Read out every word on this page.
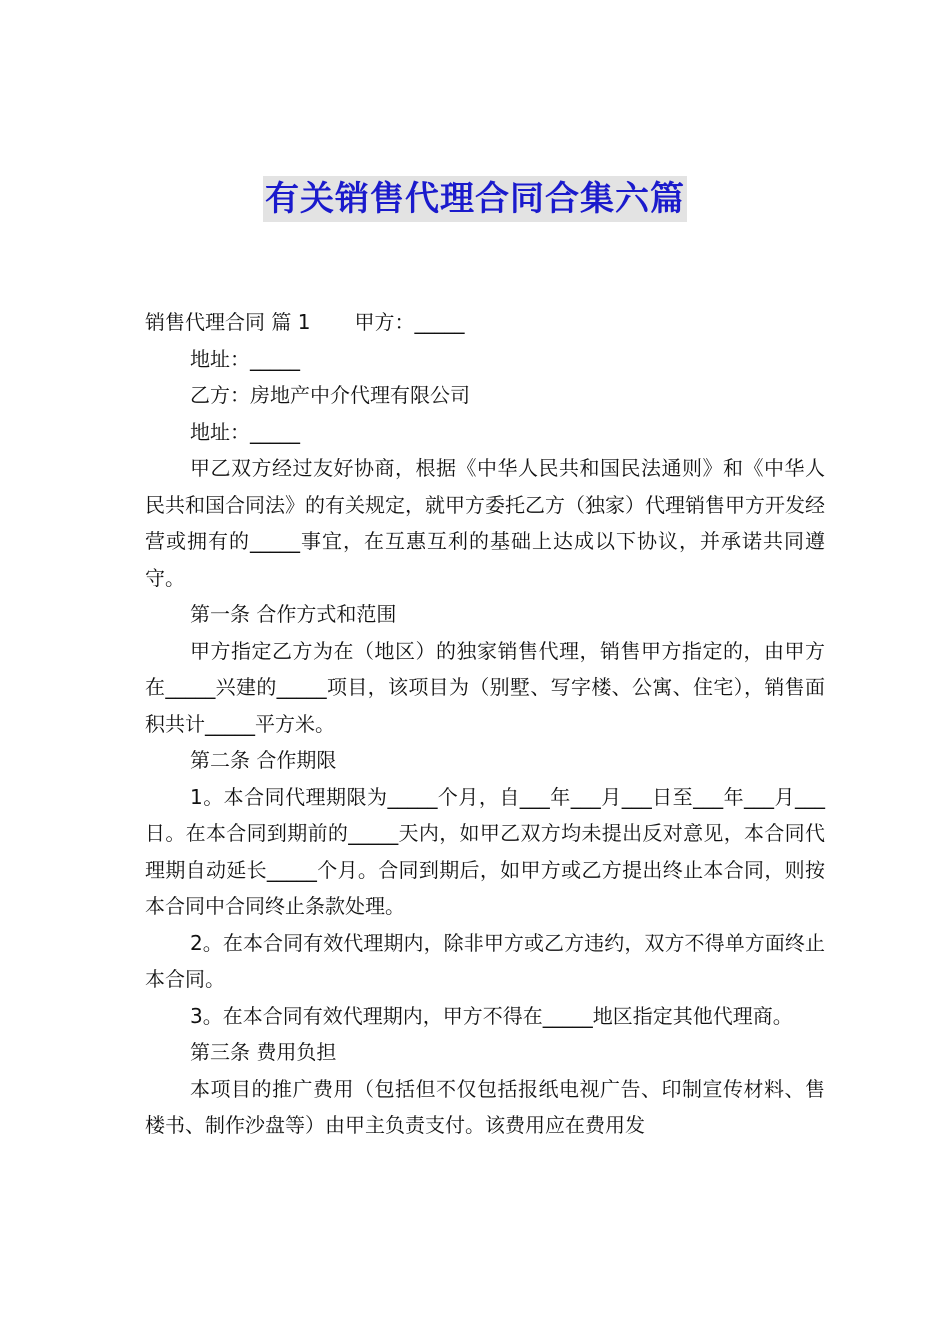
有关销售代理合同合集六篇

销售代理合同 篇 1 甲方：_____

地址：_____

乙方：房地产中介代理有限公司

地址：_____

甲乙双方经过友好协商，根据《中华人民共和国民法通则》和《中华人民共和国合同法》的有关规定，就甲方委托乙方（独家）代理销售甲方开发经营或拥有的_____事宜，在互惠互利的基础上达成以下协议，并承诺共同遵守。

第一条 合作方式和范围

甲方指定乙方为在（地区）的独家销售代理，销售甲方指定的，由甲方在_____兴建的_____项目，该项目为（别墅、写字楼、公寓、住宅），销售面积共计_____平方米。

第二条 合作期限

1。本合同代理期限为_____个月，自___年___月___日至___年___月___日。在本合同到期前的_____天内，如甲乙双方均未提出反对意见，本合同代理期自动延长_____个月。合同到期后，如甲方或乙方提出终止本合同，则按本合同中合同终止条款处理。

2。在本合同有效代理期内，除非甲方或乙方违约，双方不得单方面终止本合同。

3。在本合同有效代理期内，甲方不得在_____地区指定其他代理商。

第三条 费用负担

本项目的推广费用（包括但不仅包括报纸电视广告、印制宣传材料、售楼书、制作沙盘等）由甲主负责支付。该费用应在费用发
